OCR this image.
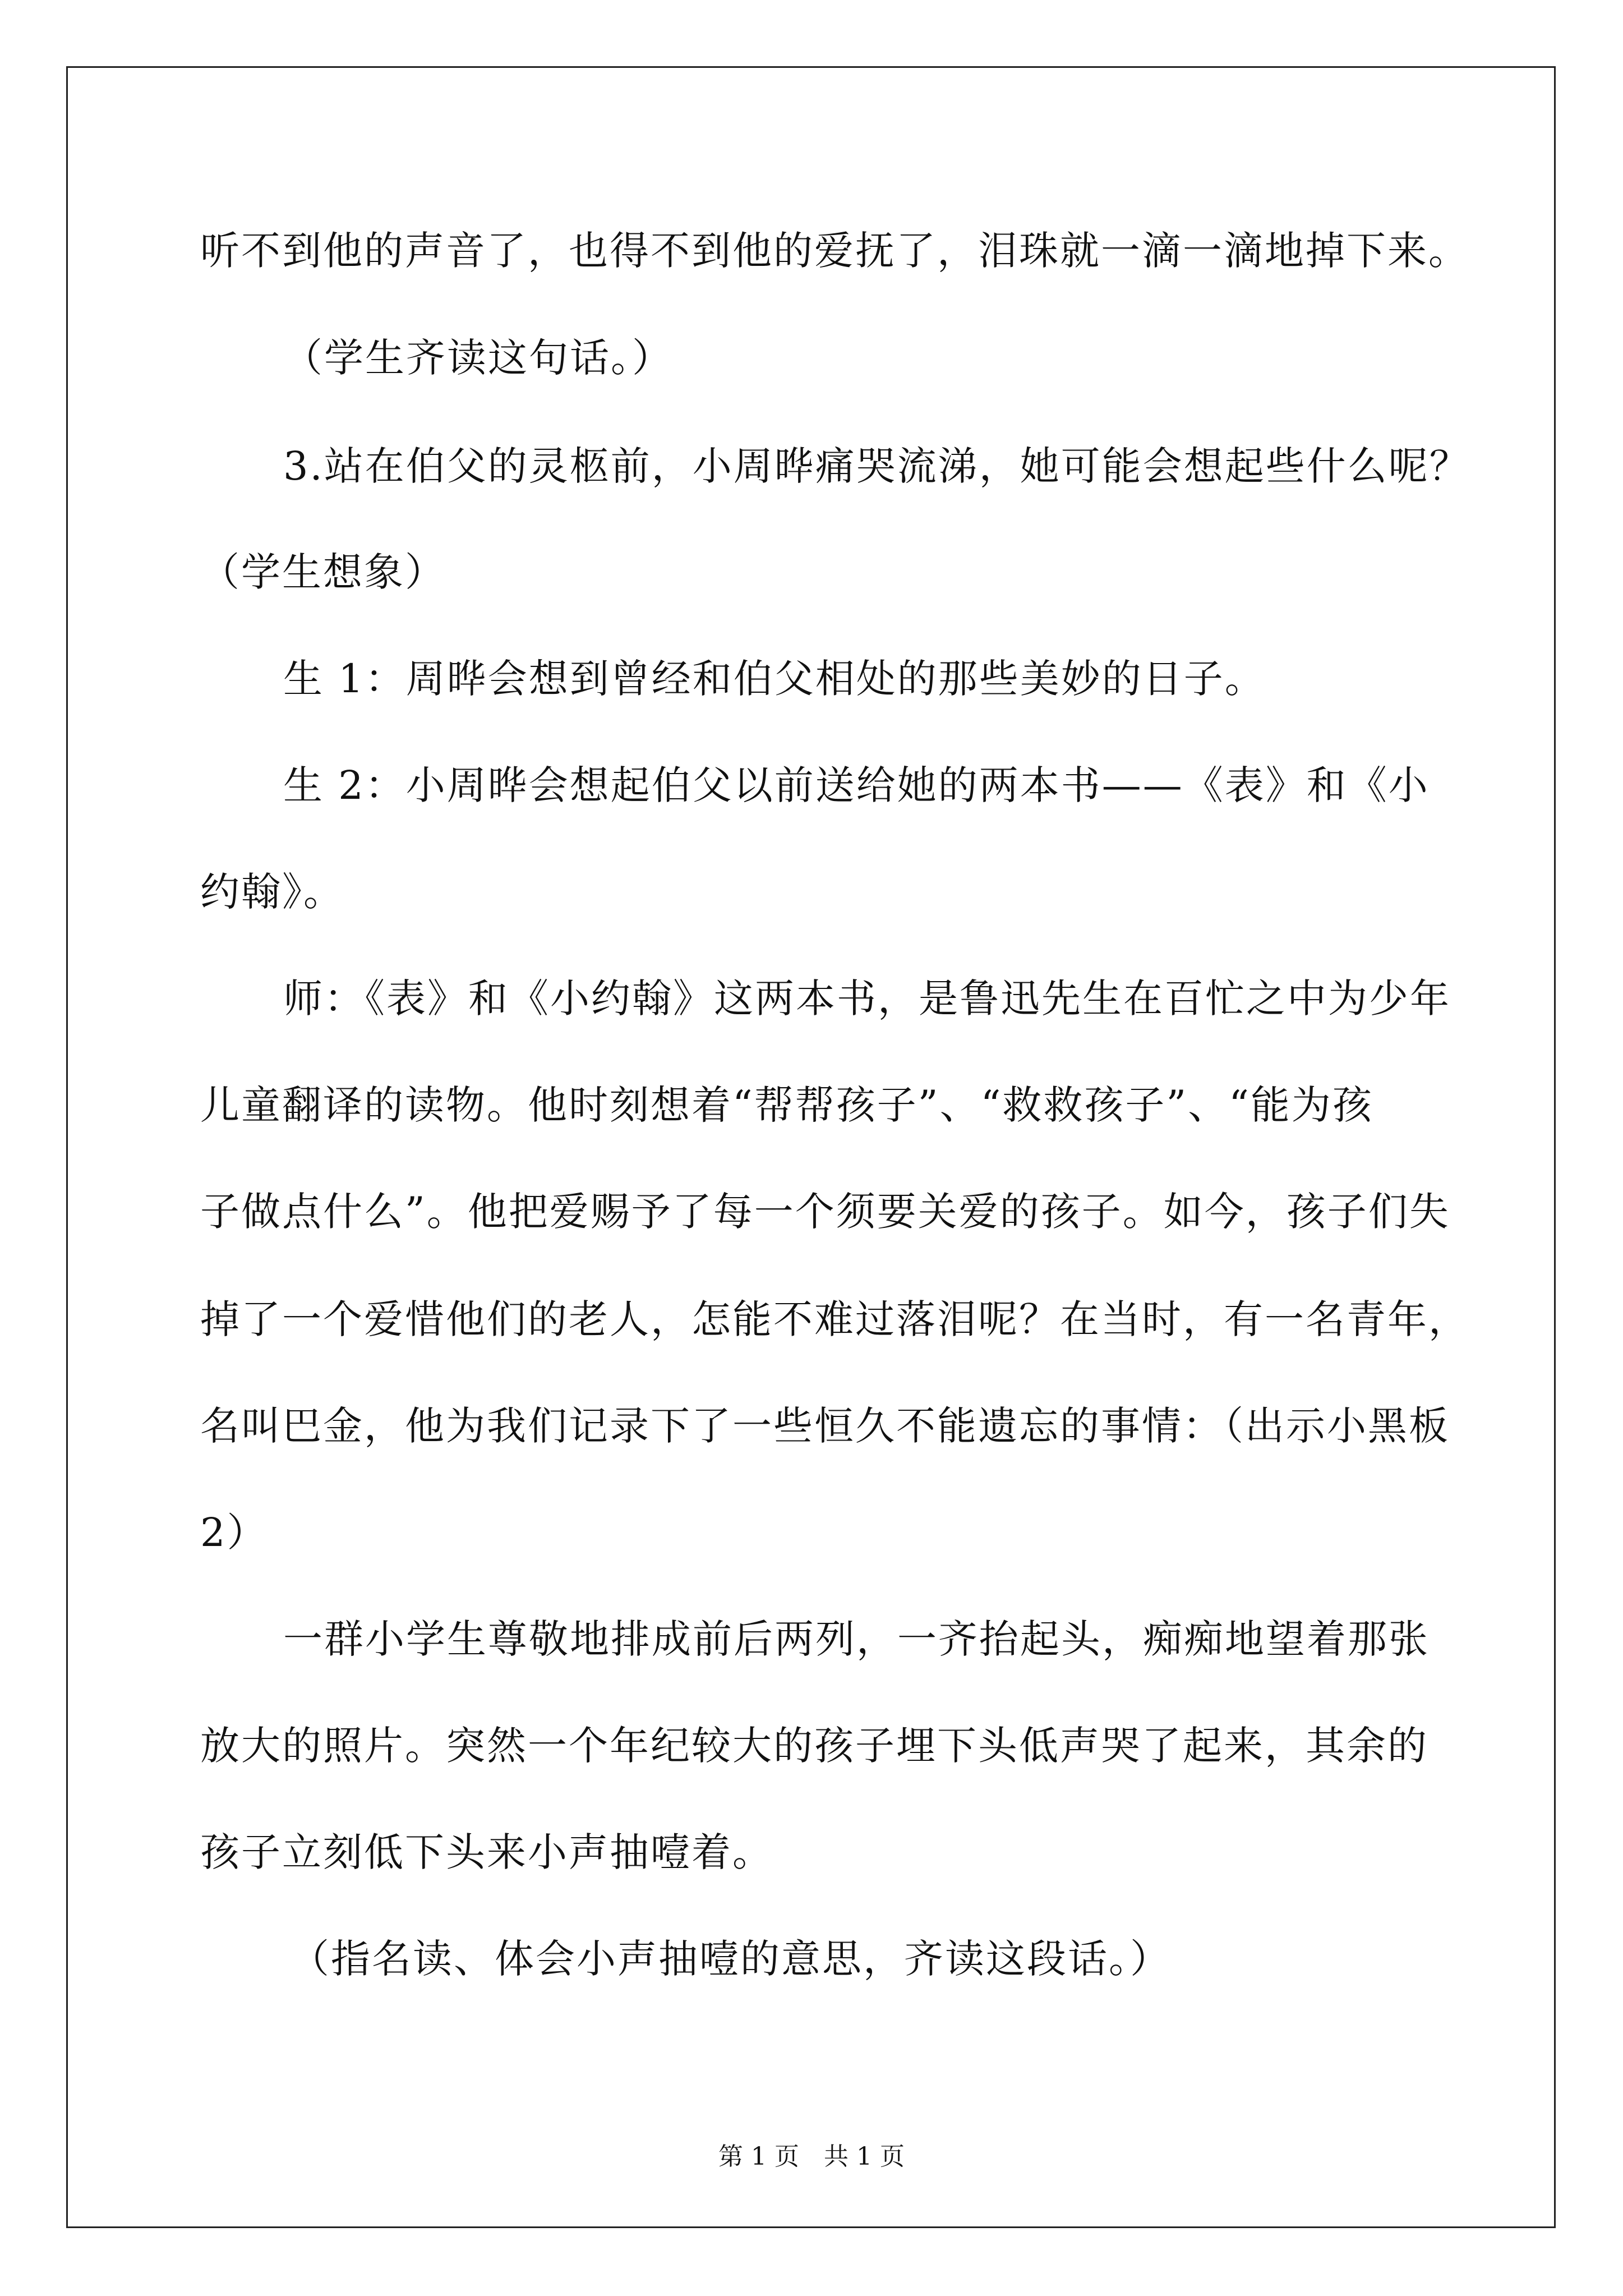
听不到他的声音了，也得不到他的爱抚了，泪珠就一滴一滴地掉下来。
（学生齐读这句话。）
3.站在伯父的灵柩前，小周晔痛哭流涕，她可能会想起些什么呢？
（学生想象）
生 1：周晔会想到曾经和伯父相处的那些美妙的日子。
生 2：小周晔会想起伯父以前送给她的两本书——《表》和《小
约翰》。
师：《表》和《小约翰》这两本书，是鲁迅先生在百忙之中为少年
儿童翻译的读物。他时刻想着“帮帮孩子”、“救救孩子”、“能为孩
子做点什么”。他把爱赐予了每一个须要关爱的孩子。如今，孩子们失
掉了一个爱惜他们的老人，怎能不难过落泪呢？在当时，有一名青年，
名叫巴金，他为我们记录下了一些恒久不能遗忘的事情：（出示小黑板
2）
一群小学生尊敬地排成前后两列，一齐抬起头，痴痴地望着那张
放大的照片。突然一个年纪较大的孩子埋下头低声哭了起来，其余的
孩子立刻低下头来小声抽噎着。
（指名读、体会小声抽噎的意思，齐读这段话。）
第 1 页　共 1 页
